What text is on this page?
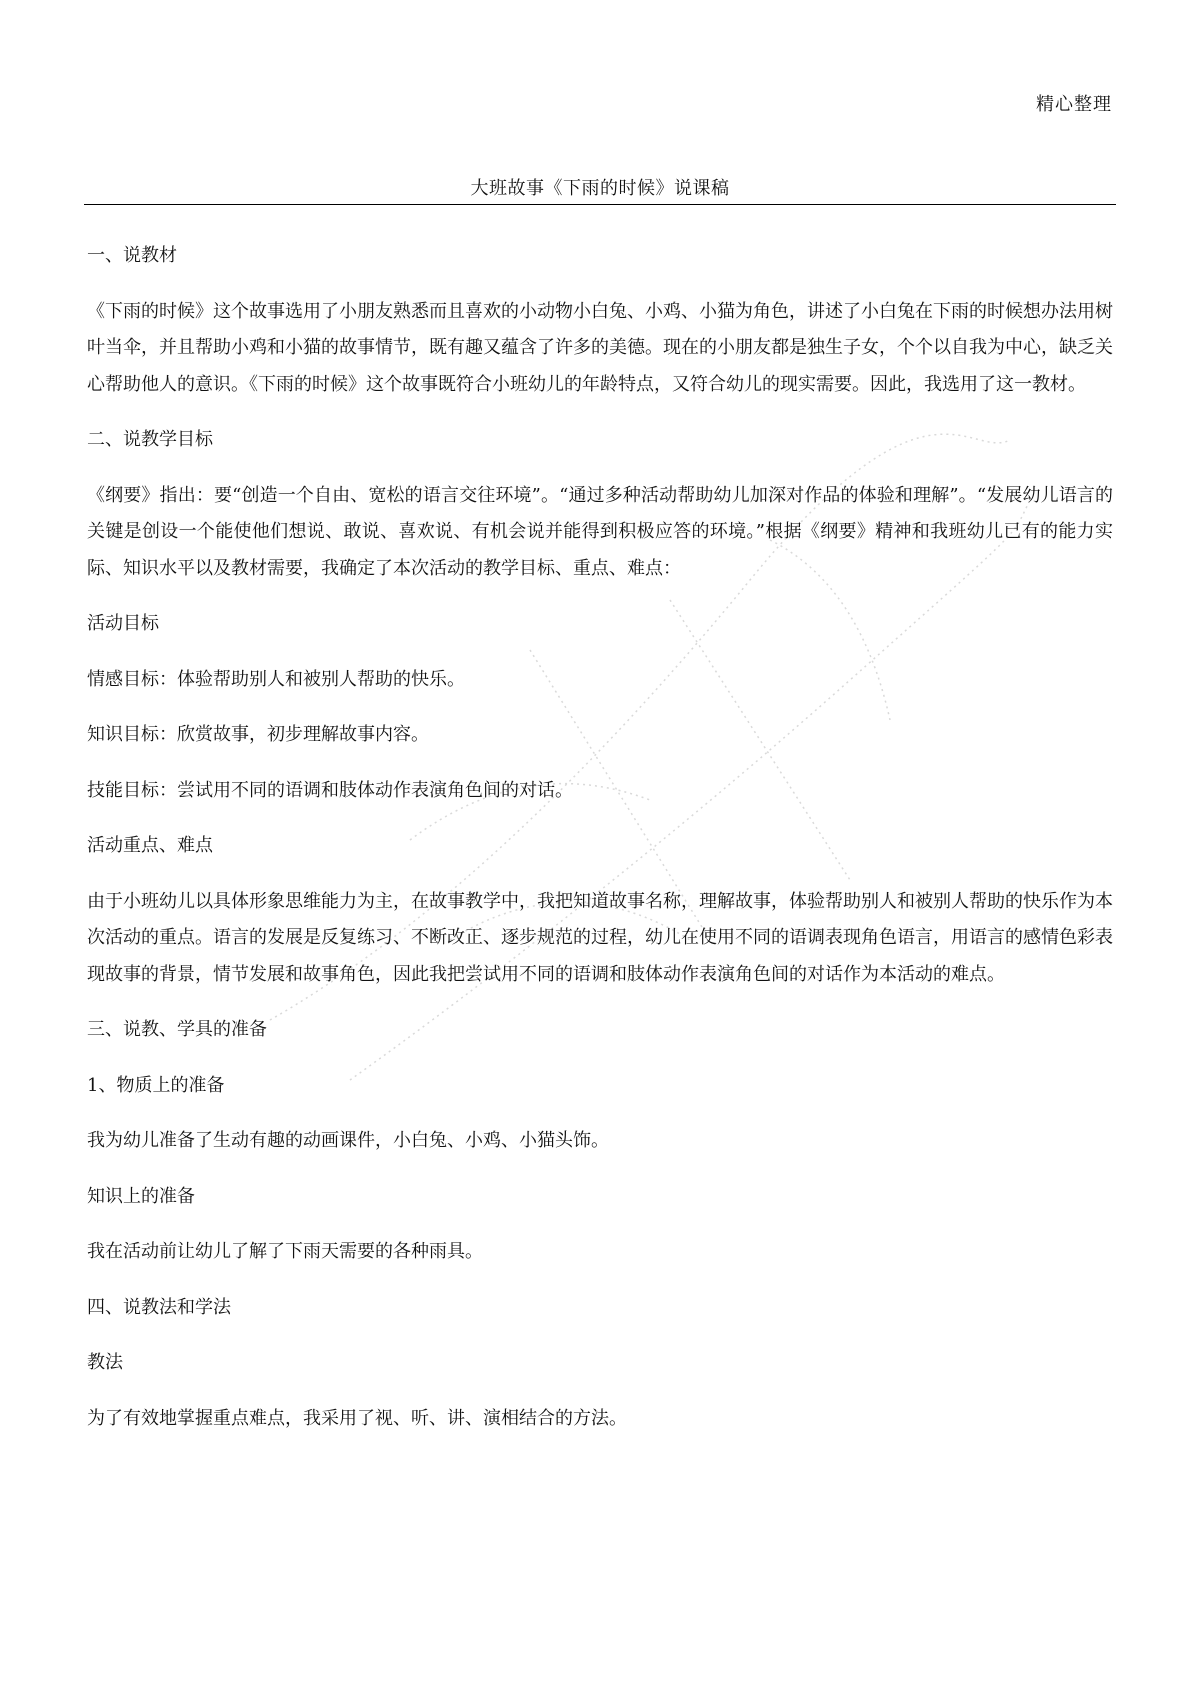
精心整理
大班故事《下雨的时候》说课稿

一、说教材

《下雨的时候》这个故事选用了小朋友熟悉而且喜欢的小动物小白兔、小鸡、小猫为角色，讲述了小白兔在下雨的时候想办法用树叶当伞，并且帮助小鸡和小猫的故事情节，既有趣又蕴含了许多的美德。现在的小朋友都是独生子女，个个以自我为中心，缺乏关心帮助他人的意识。《下雨的时候》这个故事既符合小班幼儿的年龄特点，又符合幼儿的现实需要。因此，我选用了这一教材。

二、说教学目标

《纲要》指出：要“创造一个自由、宽松的语言交往环境”。“通过多种活动帮助幼儿加深对作品的体验和理解”。“发展幼儿语言的关键是创设一个能使他们想说、敢说、喜欢说、有机会说并能得到积极应答的环境。”根据《纲要》精神和我班幼儿已有的能力实际、知识水平以及教材需要，我确定了本次活动的教学目标、重点、难点：

活动目标

情感目标：体验帮助别人和被别人帮助的快乐。

知识目标：欣赏故事，初步理解故事内容。

技能目标：尝试用不同的语调和肢体动作表演角色间的对话。

活动重点、难点

由于小班幼儿以具体形象思维能力为主，在故事教学中，我把知道故事名称，理解故事，体验帮助别人和被别人帮助的快乐作为本次活动的重点。语言的发展是反复练习、不断改正、逐步规范的过程，幼儿在使用不同的语调表现角色语言，用语言的感情色彩表现故事的背景，情节发展和故事角色，因此我把尝试用不同的语调和肢体动作表演角色间的对话作为本活动的难点。

三、说教、学具的准备

1、物质上的准备

我为幼儿准备了生动有趣的动画课件，小白兔、小鸡、小猫头饰。

知识上的准备

我在活动前让幼儿了解了下雨天需要的各种雨具。

四、说教法和学法

教法

为了有效地掌握重点难点，我采用了视、听、讲、演相结合的方法。
